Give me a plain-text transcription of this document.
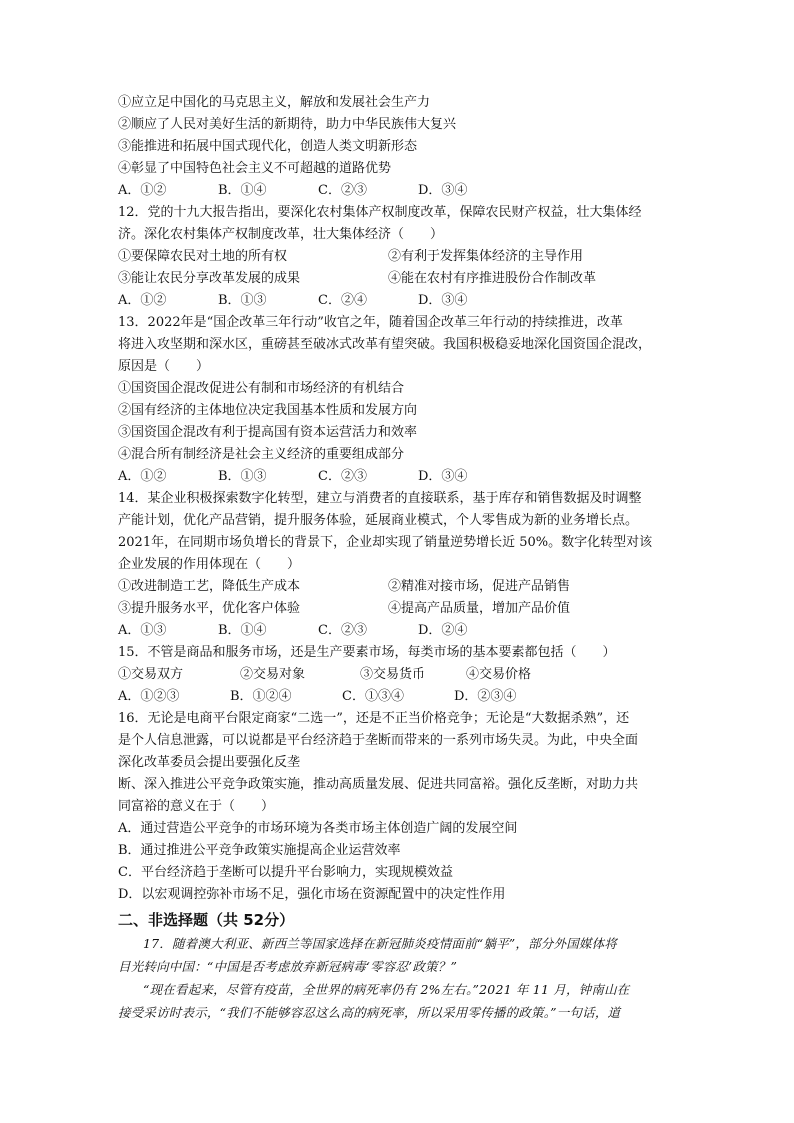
①应立足中国化的马克思主义，解放和发展社会生产力
②顺应了人民对美好生活的新期待，助力中华民族伟大复兴
③能推进和拓展中国式现代化，创造人类文明新形态
④彰显了中国特色社会主义不可超越的道路优势
A．①②	B．①④	C．②③	D．③④
12．党的十九大报告指出，要深化农村集体产权制度改革，保障农民财产权益，壮大集体经
济。深化农村集体产权制度改革，壮大集体经济（　　）
①要保障农民对土地的所有权	②有利于发挥集体经济的主导作用
③能让农民分享改革发展的成果	④能在农村有序推进股份合作制改革
A．①②	B．①③	C．②④	D．③④
13．2022年是“国企改革三年行动”收官之年，随着国企改革三年行动的持续推进，改革
将进入攻坚期和深水区，重磅甚至破冰式改革有望突破。我国积极稳妥地深化国资国企混改，
原因是（　　）
①国资国企混改促进公有制和市场经济的有机结合
②国有经济的主体地位决定我国基本性质和发展方向
③国资国企混改有利于提高国有资本运营活力和效率
④混合所有制经济是社会主义经济的重要组成部分
A．①②	B．①③	C．②③	D．③④
14．某企业积极探索数字化转型，建立与消费者的直接联系，基于库存和销售数据及时调整
产能计划，优化产品营销，提升服务体验，延展商业模式，个人零售成为新的业务增长点。
2021年，在同期市场负增长的背景下，企业却实现了销量逆势增长近 50%。数字化转型对该
企业发展的作用体现在（　　）
①改进制造工艺，降低生产成本	②精准对接市场，促进产品销售
③提升服务水平，优化客户体验	④提高产品质量，增加产品价值
A．①③	B．①④	C．②③	D．②④
15．不管是商品和服务市场，还是生产要素市场，每类市场的基本要素都包括（　　）
①交易双方	②交易对象	③交易货币	④交易价格
A．①②③	B．①②④	C．①③④	D．②③④
16．无论是电商平台限定商家“二选一”，还是不正当价格竞争；无论是“大数据杀熟”，还
是个人信息泄露，可以说都是平台经济趋于垄断而带来的一系列市场失灵。为此，中央全面
深化改革委员会提出要强化反垄
断、深入推进公平竞争政策实施，推动高质量发展、促进共同富裕。强化反垄断，对助力共
同富裕的意义在于（　　）
A．通过营造公平竞争的市场环境为各类市场主体创造广阔的发展空间
B．通过推进公平竞争政策实施提高企业运营效率
C．平台经济趋于垄断可以提升平台影响力，实现规模效益
D．以宏观调控弥补市场不足，强化市场在资源配置中的决定性作用
二、非选择题（共 52分）
17．随着澳大利亚、新西兰等国家选择在新冠肺炎疫情面前“躺平”，部分外国媒体将
目光转向中国：“中国是否考虑放弃新冠病毒‘零容忍’政策？”
“现在看起来，尽管有疫苗，全世界的病死率仍有 2%左右。”2021 年 11 月，钟南山在
接受采访时表示，“我们不能够容忍这么高的病死率，所以采用零传播的政策。”一句话，道
